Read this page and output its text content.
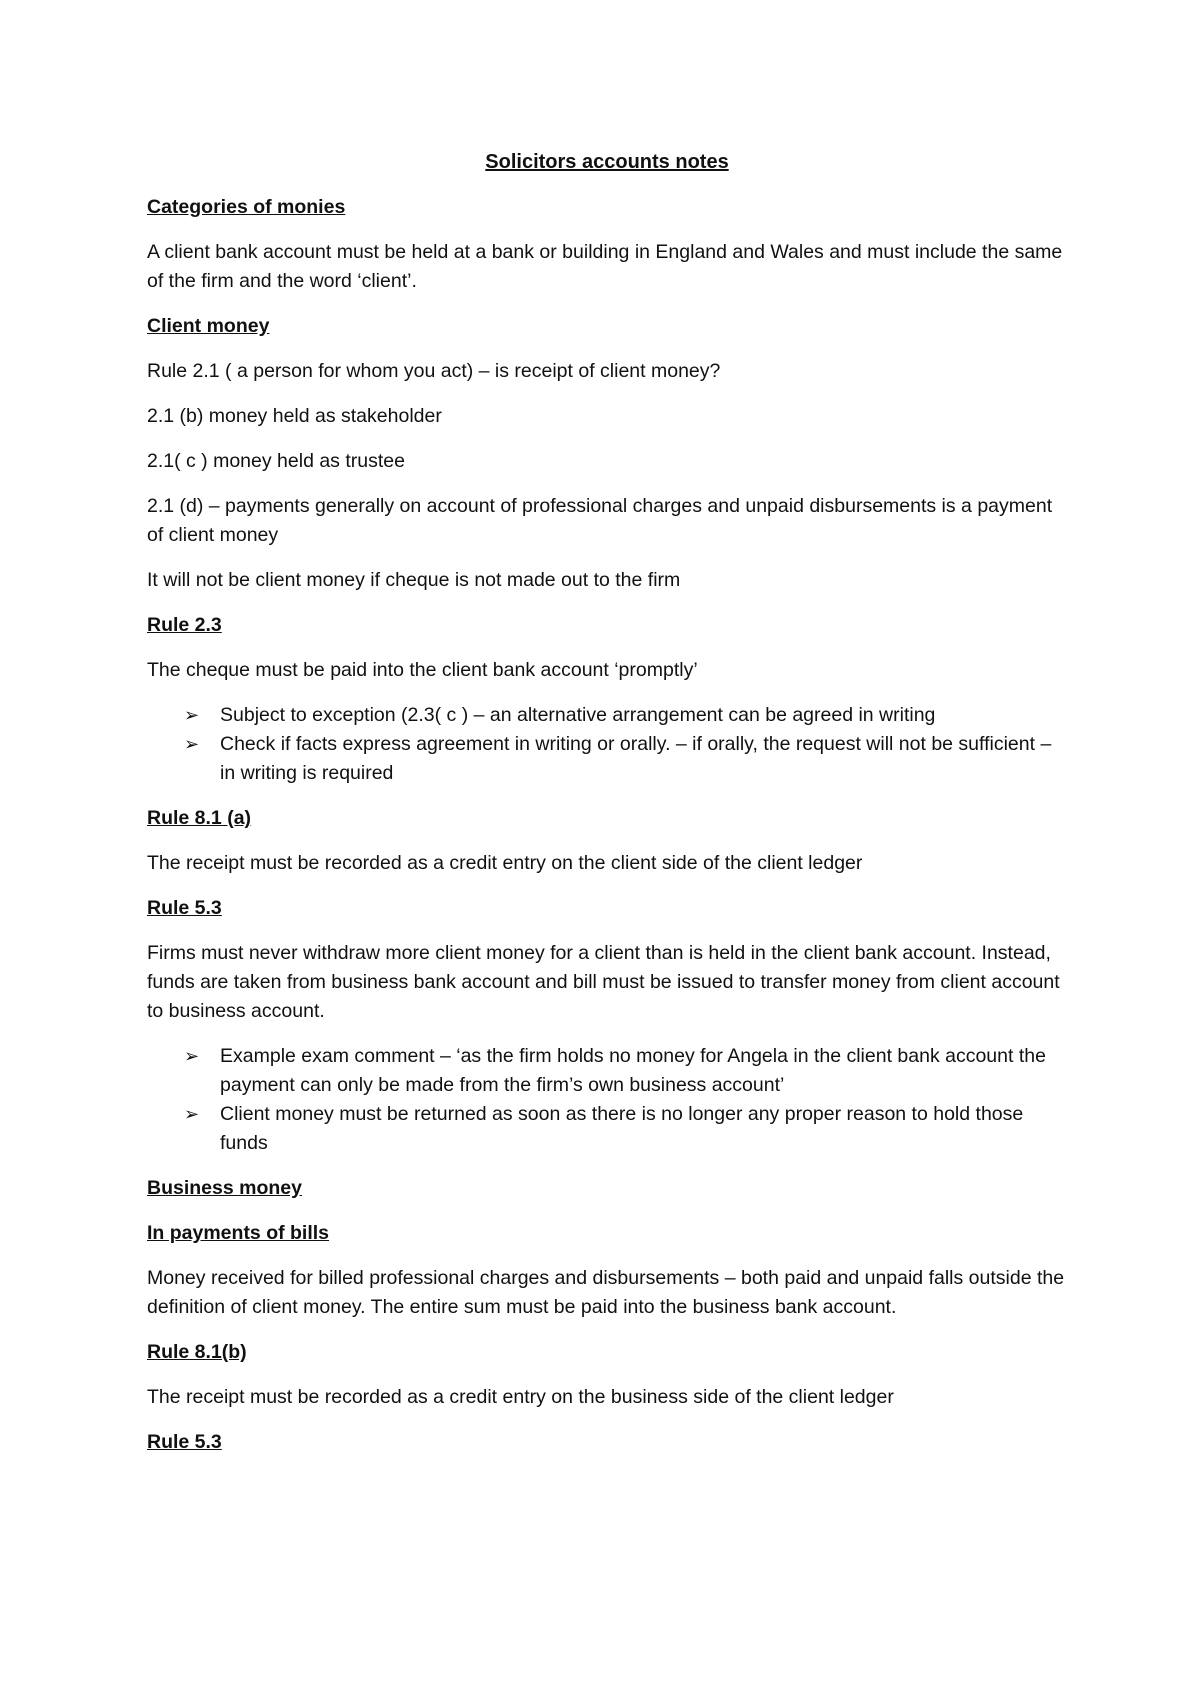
Solicitors accounts notes
Categories of monies
A client bank account must be held at a bank or building in England and Wales and must include the same of the firm and the word ‘client’.
Client money
Rule 2.1 ( a person for whom you act) – is receipt of client money?
2.1 (b) money held as stakeholder
2.1( c ) money held as trustee
2.1 (d) – payments generally on account of professional charges and unpaid disbursements is a payment of client money
It will not be client money if cheque is not made out to the firm
Rule 2.3
The cheque must be paid into the client bank account ‘promptly’
➢ Subject to exception (2.3( c ) – an alternative arrangement can be agreed in writing
➢ Check if facts express agreement in writing or orally. – if orally, the request will not be sufficient – in writing is required
Rule 8.1 (a)
The receipt must be recorded as a credit entry on the client side of the client ledger
Rule 5.3
Firms must never withdraw more client money for a client than is held in the client bank account. Instead, funds are taken from business bank account and bill must be issued to transfer money from client account to business account.
➢ Example exam comment – ‘as the firm holds no money for Angela in the client bank account the payment can only be made from the firm’s own business account’
➢ Client money must be returned as soon as there is no longer any proper reason to hold those funds
Business money
In payments of bills
Money received for billed professional charges and disbursements – both paid and unpaid falls outside the definition of client money. The entire sum must be paid into the business bank account.
Rule 8.1(b)
The receipt must be recorded as a credit entry on the business side of the client ledger
Rule 5.3
